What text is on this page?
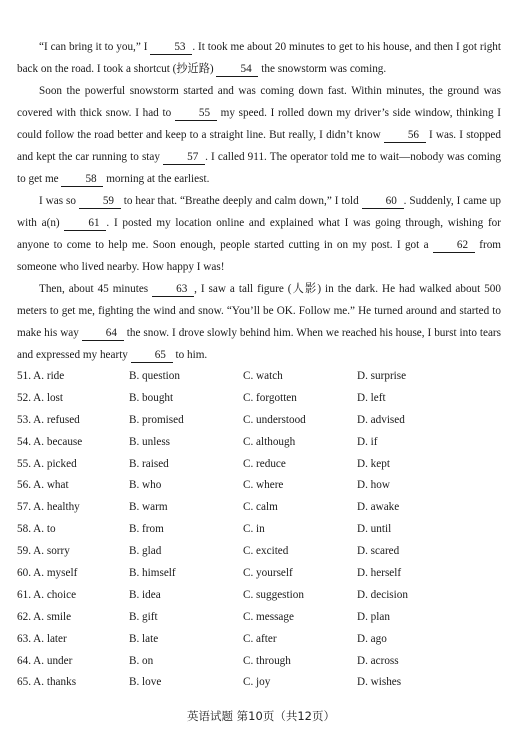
“I can bring it to you,” I 53 . It took me about 20 minutes to get to his house, and then I got right back on the road. I took a shortcut (抄近路) 54 the snowstorm was coming.

Soon the powerful snowstorm started and was coming down fast. Within minutes, the ground was covered with thick snow. I had to 55 my speed. I rolled down my driver’s side window, thinking I could follow the road better and keep to a straight line. But really, I didn’t know 56 I was. I stopped and kept the car running to stay 57 . I called 911. The operator told me to wait—nobody was coming to get me 58 morning at the earliest.

I was so 59 to hear that. “Breathe deeply and calm down,” I told 60 . Suddenly, I came up with a(n) 61 . I posted my location online and explained what I was going through, wishing for anyone to come to help me. Soon enough, people started cutting in on my post. I got a 62 from someone who lived nearby. How happy I was!

Then, about 45 minutes 63 , I saw a tall figure (人影) in the dark. He had walked about 500 meters to get me, fighting the wind and snow. “You’ll be OK. Follow me.” He turned around and started to make his way 64 the snow. I drove slowly behind him. When we reached his house, I burst into tears and expressed my hearty 65 to him.

51. A. ride	B. question	C. watch	D. surprise
52. A. lost	B. bought	C. forgotten	D. left
53. A. refused	B. promised	C. understood	D. advised
54. A. because	B. unless	C. although	D. if
55. A. picked	B. raised	C. reduce	D. kept
56. A. what	B. who	C. where	D. how
57. A. healthy	B. warm	C. calm	D. awake
58. A. to	B. from	C. in	D. until
59. A. sorry	B. glad	C. excited	D. scared
60. A. myself	B. himself	C. yourself	D. herself
61. A. choice	B. idea	C. suggestion	D. decision
62. A. smile	B. gift	C. message	D. plan
63. A. later	B. late	C. after	D. ago
64. A. under	B. on	C. through	D. across
65. A. thanks	B. love	C. joy	D. wishes
英语试题 第10页（共12页）
